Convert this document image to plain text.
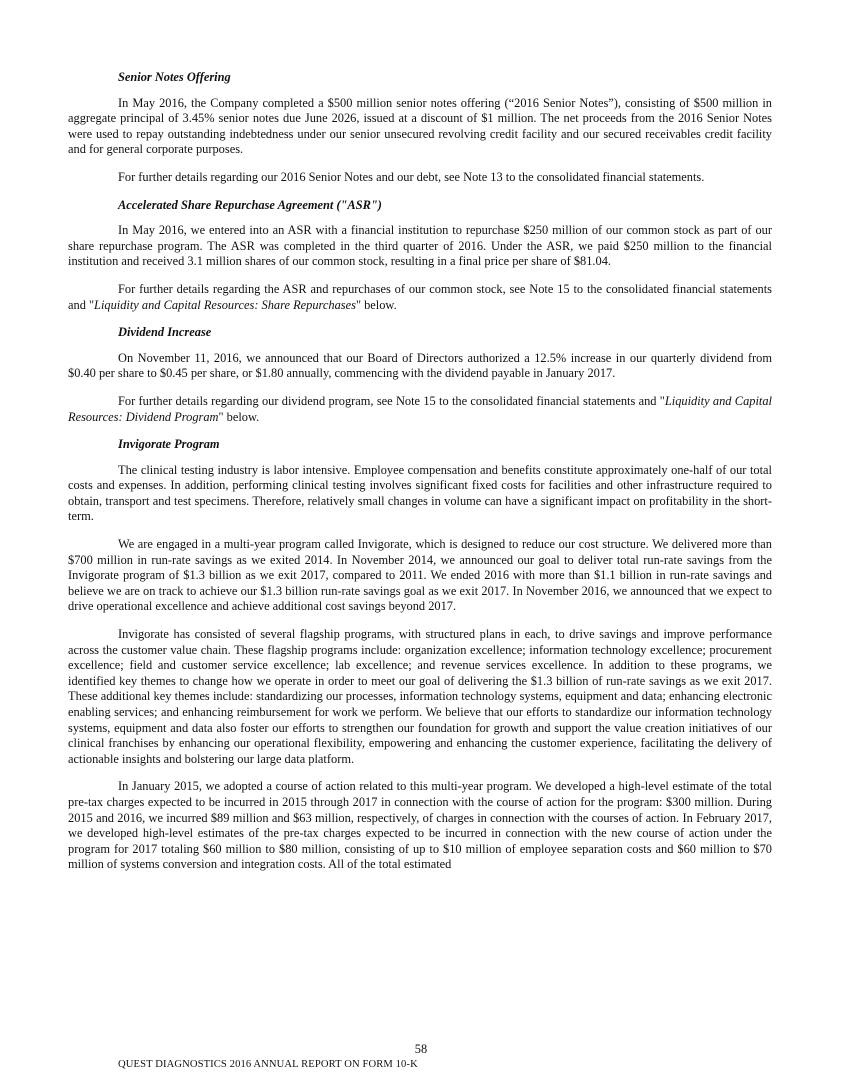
Senior Notes Offering

In May 2016, the Company completed a $500 million senior notes offering (“2016 Senior Notes”), consisting of $500 million in aggregate principal of 3.45% senior notes due June 2026, issued at a discount of $1 million. The net proceeds from the 2016 Senior Notes were used to repay outstanding indebtedness under our senior unsecured revolving credit facility and our secured receivables credit facility and for general corporate purposes.

For further details regarding our 2016 Senior Notes and our debt, see Note 13 to the consolidated financial statements.

Accelerated Share Repurchase Agreement ("ASR")

In May 2016, we entered into an ASR with a financial institution to repurchase $250 million of our common stock as part of our share repurchase program. The ASR was completed in the third quarter of 2016. Under the ASR, we paid $250 million to the financial institution and received 3.1 million shares of our common stock, resulting in a final price per share of $81.04.

For further details regarding the ASR and repurchases of our common stock, see Note 15 to the consolidated financial statements and "Liquidity and Capital Resources: Share Repurchases" below.

Dividend Increase

On November 11, 2016, we announced that our Board of Directors authorized a 12.5% increase in our quarterly dividend from $0.40 per share to $0.45 per share, or $1.80 annually, commencing with the dividend payable in January 2017.

For further details regarding our dividend program, see Note 15 to the consolidated financial statements and "Liquidity and Capital Resources: Dividend Program" below.

Invigorate Program

The clinical testing industry is labor intensive. Employee compensation and benefits constitute approximately one-half of our total costs and expenses. In addition, performing clinical testing involves significant fixed costs for facilities and other infrastructure required to obtain, transport and test specimens. Therefore, relatively small changes in volume can have a significant impact on profitability in the short-term.

We are engaged in a multi-year program called Invigorate, which is designed to reduce our cost structure. We delivered more than $700 million in run-rate savings as we exited 2014. In November 2014, we announced our goal to deliver total run-rate savings from the Invigorate program of $1.3 billion as we exit 2017, compared to 2011. We ended 2016 with more than $1.1 billion in run-rate savings and believe we are on track to achieve our $1.3 billion run-rate savings goal as we exit 2017. In November 2016, we announced that we expect to drive operational excellence and achieve additional cost savings beyond 2017.

Invigorate has consisted of several flagship programs, with structured plans in each, to drive savings and improve performance across the customer value chain. These flagship programs include: organization excellence; information technology excellence; procurement excellence; field and customer service excellence; lab excellence; and revenue services excellence. In addition to these programs, we identified key themes to change how we operate in order to meet our goal of delivering the $1.3 billion of run-rate savings as we exit 2017. These additional key themes include: standardizing our processes, information technology systems, equipment and data; enhancing electronic enabling services; and enhancing reimbursement for work we perform. We believe that our efforts to standardize our information technology systems, equipment and data also foster our efforts to strengthen our foundation for growth and support the value creation initiatives of our clinical franchises by enhancing our operational flexibility, empowering and enhancing the customer experience, facilitating the delivery of actionable insights and bolstering our large data platform.

In January 2015, we adopted a course of action related to this multi-year program. We developed a high-level estimate of the total pre-tax charges expected to be incurred in 2015 through 2017 in connection with the course of action for the program: $300 million. During 2015 and 2016, we incurred $89 million and $63 million, respectively, of charges in connection with the courses of action. In February 2017, we developed high-level estimates of the pre-tax charges expected to be incurred in connection with the new course of action under the program for 2017 totaling $60 million to $80 million, consisting of up to $10 million of employee separation costs and $60 million to $70 million of systems conversion and integration costs. All of the total estimated

58
QUEST DIAGNOSTICS 2016 ANNUAL REPORT ON FORM 10-K
